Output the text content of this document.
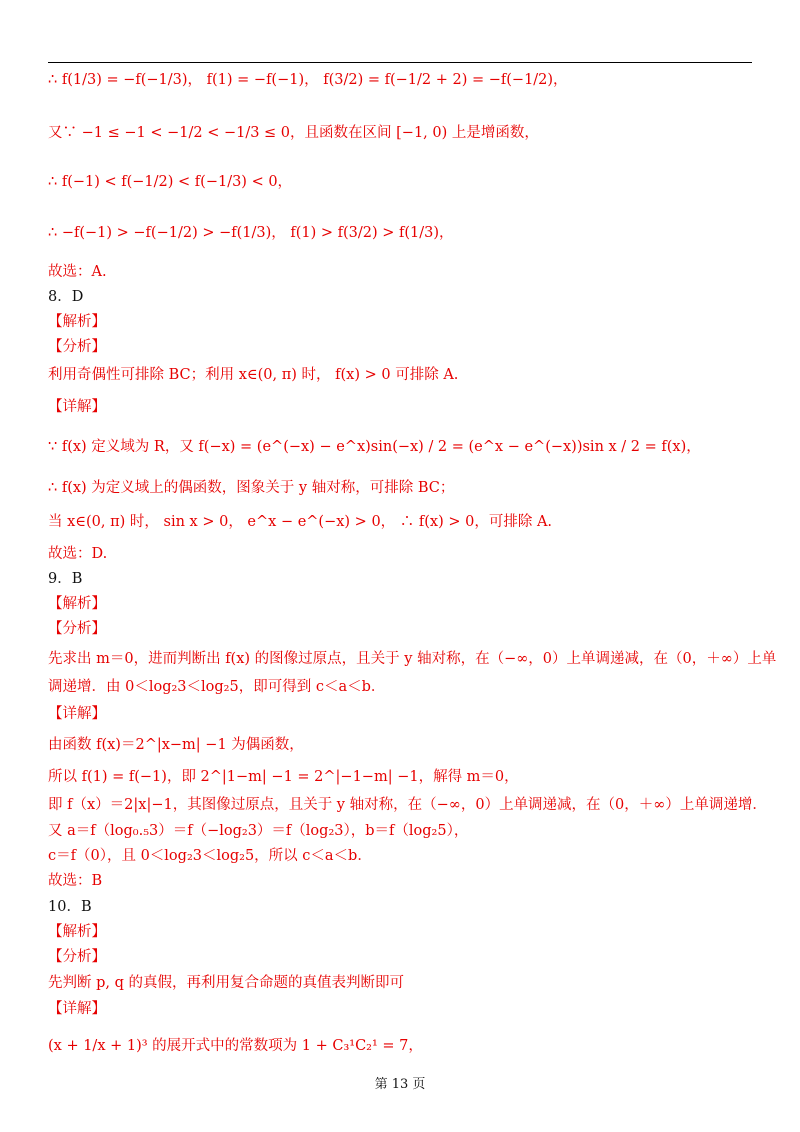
∴ f(1/3) = −f(−1/3)， f(1) = −f(−1)， f(3/2) = f(−1/2 + 2) = −f(−1/2)，
又∵ −1 ≤ −1 < −1/2 < −1/3 ≤ 0，且函数在区间 [−1, 0) 上是增函数，
∴ f(−1) < f(−1/2) < f(−1/3) < 0，
∴ −f(−1) > −f(−1/2) > −f(1/3)， f(1) > f(3/2) > f(1/3)，
故选：A.
8．D
【解析】
【分析】
利用奇偶性可排除 BC；利用 x∈(0, π) 时， f(x) > 0 可排除 A.
【详解】
∵ f(x) 定义域为 R，又 f(−x) = (e^(−x) − e^x)sin(−x) / 2 = (e^x − e^(−x))sin x / 2 = f(x)，
∴ f(x) 为定义域上的偶函数，图象关于 y 轴对称，可排除 BC；
当 x∈(0, π) 时， sin x > 0， e^x − e^(−x) > 0， ∴ f(x) > 0，可排除 A.
故选：D.
9．B
【解析】
【分析】
先求出 m＝0，进而判断出 f(x) 的图像过原点，且关于 y 轴对称，在（−∞，0）上单调递减，在（0，＋∞）上单
调递增．由 0＜log₂3＜log₂5，即可得到 c＜a＜b．
【详解】
由函数 f(x)＝2^|x−m| −1 为偶函数，
所以 f(1) = f(−1)，即 2^|1−m| −1 = 2^|−1−m| −1，解得 m＝0，
即 f（x）＝2|x|−1，其图像过原点，且关于 y 轴对称，在（−∞，0）上单调递减，在（0，＋∞）上单调递增．
又 a＝f（log₀.₅3）＝f（−log₂3）＝f（log₂3），b＝f（log₂5），
c＝f（0），且 0＜log₂3＜log₂5，所以 c＜a＜b．
故选：B
10．B
【解析】
【分析】
先判断 p, q 的真假，再利用复合命题的真值表判断即可
【详解】
(x + 1/x + 1)³ 的展开式中的常数项为 1 + C₃¹C₂¹ = 7，
第 13 页
